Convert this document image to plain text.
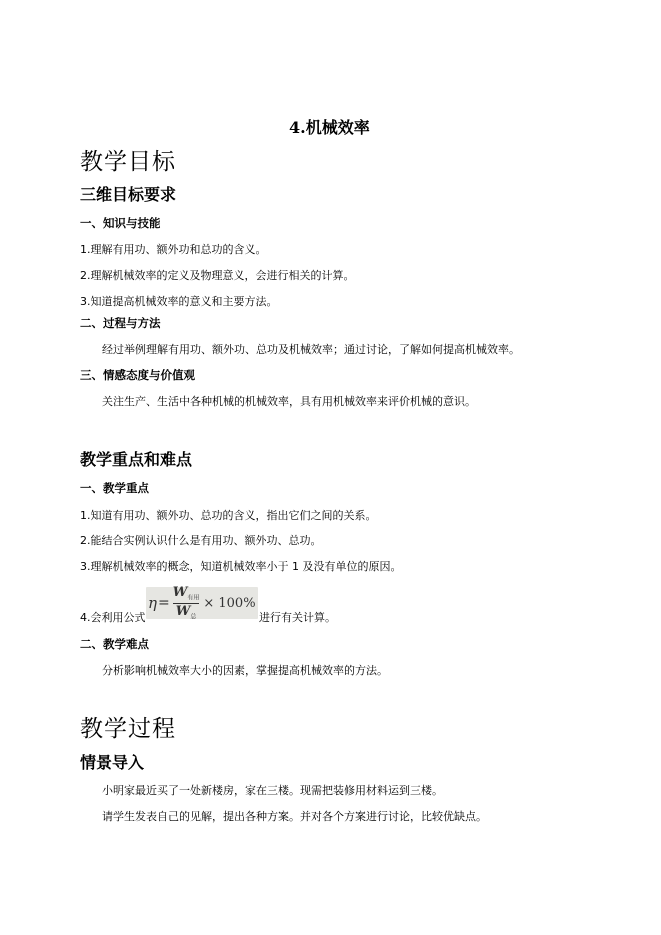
4.机械效率
教学目标
三维目标要求
一、知识与技能
1.理解有用功、额外功和总功的含义。
2.理解机械效率的定义及物理意义，会进行相关的计算。
3.知道提高机械效率的意义和主要方法。
二、过程与方法
经过举例理解有用功、额外功、总功及机械效率；通过讨论，了解如何提高机械效率。
三、情感态度与价值观
关注生产、生活中各种机械的机械效率，具有用机械效率来评价机械的意识。
教学重点和难点
一、教学重点
1.知道有用功、额外功、总功的含义，指出它们之间的关系。
2.能结合实例认识什么是有用功、额外功、总功。
3.理解机械效率的概念，知道机械效率小于 1 及没有单位的原因。
4.会利用公式
$\eta = \frac{W_{有用}}{W_总} \times 100\%$
进行有关计算。
二、教学难点
分析影响机械效率大小的因素，掌握提高机械效率的方法。
教学过程
情景导入
小明家最近买了一处新楼房，家在三楼。现需把装修用材料运到三楼。
请学生发表自己的见解，提出各种方案。并对各个方案进行讨论，比较优缺点。
